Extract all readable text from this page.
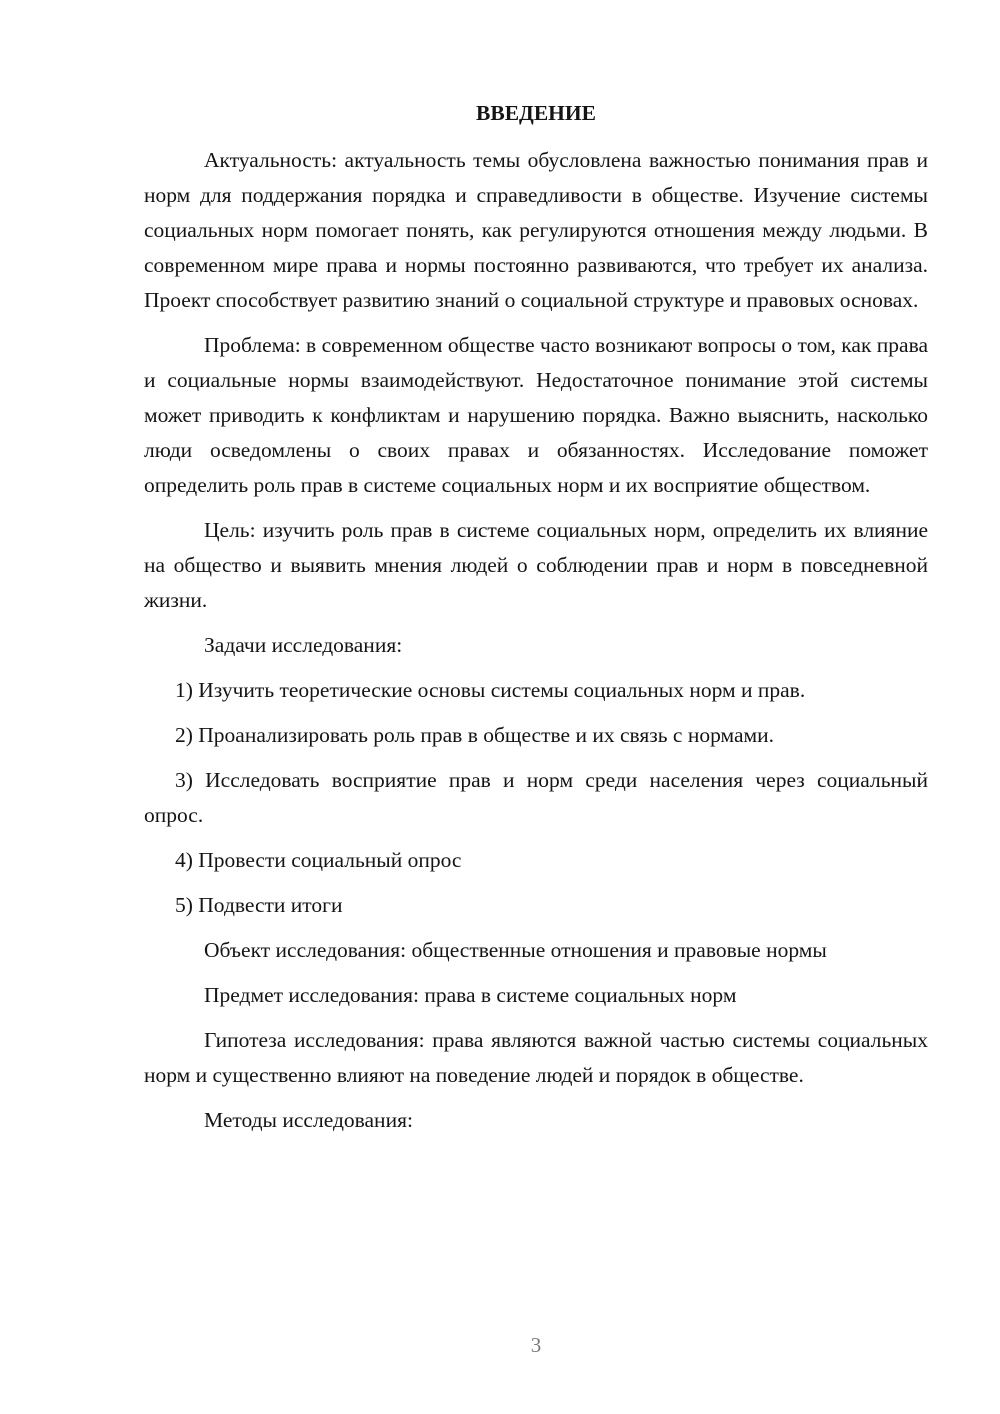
ВВЕДЕНИЕ

Актуальность: актуальность темы обусловлена важностью понимания прав и норм для поддержания порядка и справедливости в обществе. Изучение системы социальных норм помогает понять, как регулируются отношения между людьми. В современном мире права и нормы постоянно развиваются, что требует их анализа. Проект способствует развитию знаний о социальной структуре и правовых основах.

Проблема: в современном обществе часто возникают вопросы о том, как права и социальные нормы взаимодействуют. Недостаточное понимание этой системы может приводить к конфликтам и нарушению порядка. Важно выяснить, насколько люди осведомлены о своих правах и обязанностях. Исследование поможет определить роль прав в системе социальных норм и их восприятие обществом.

Цель: изучить роль прав в системе социальных норм, определить их влияние на общество и выявить мнения людей о соблюдении прав и норм в повседневной жизни.

Задачи исследования:

1) Изучить теоретические основы системы социальных норм и прав.

2) Проанализировать роль прав в обществе и их связь с нормами.

3) Исследовать восприятие прав и норм среди населения через социальный опрос.

4) Провести социальный опрос

5) Подвести итоги

Объект исследования: общественные отношения и правовые нормы

Предмет исследования: права в системе социальных норм

Гипотеза исследования: права являются важной частью системы социальных норм и существенно влияют на поведение людей и порядок в обществе.

Методы исследования:

3
